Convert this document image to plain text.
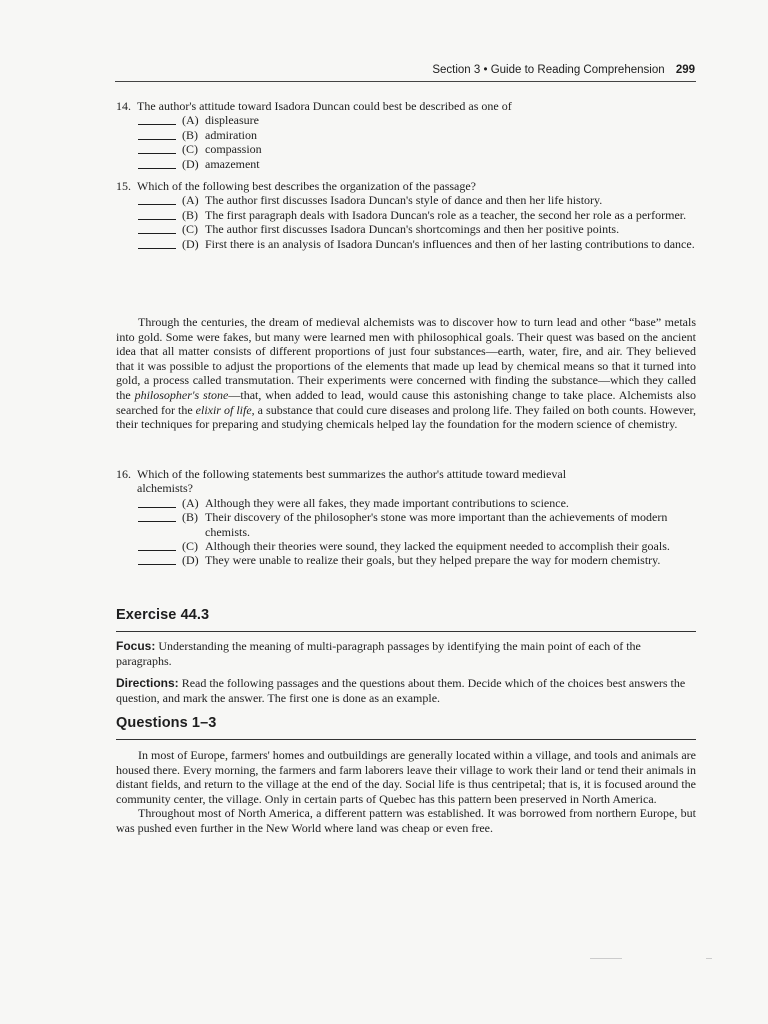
Section 3 • Guide to Reading Comprehension 299
14. The author's attitude toward Isadora Duncan could best be described as one of
(A) displeasure
(B) admiration
(C) compassion
(D) amazement
15. Which of the following best describes the organization of the passage?
(A) The author first discusses Isadora Duncan's style of dance and then her life history.
(B) The first paragraph deals with Isadora Duncan's role as a teacher, the second her role as a performer.
(C) The author first discusses Isadora Duncan's shortcomings and then her positive points.
(D) First there is an analysis of Isadora Duncan's influences and then of her lasting contributions to dance.

Through the centuries, the dream of medieval alchemists was to discover how to turn lead and other “base” metals into gold. Some were fakes, but many were learned men with philosophical goals. Their quest was based on the ancient idea that all matter consists of different proportions of just four substances—earth, water, fire, and air. They believed that it was possible to adjust the proportions of the elements that made up lead by chemical means so that it turned into gold, a process called transmutation. Their experiments were concerned with finding the substance—which they called the philosopher's stone—that, when added to lead, would cause this astonishing change to take place. Alchemists also searched for the elixir of life, a substance that could cure diseases and prolong life. They failed on both counts. However, their techniques for preparing and studying chemicals helped lay the foundation for the modern science of chemistry.

16. Which of the following statements best summarizes the author's attitude toward medieval
alchemists?
(A) Although they were all fakes, they made important contributions to science.
(B) Their discovery of the philosopher's stone was more important than the achievements of modern chemists.
(C) Although their theories were sound, they lacked the equipment needed to accomplish their goals.
(D) They were unable to realize their goals, but they helped prepare the way for modern chemistry.
Exercise 44.3
Focus: Understanding the meaning of multi-paragraph passages by identifying the main point of each of the paragraphs.
Directions: Read the following passages and the questions about them. Decide which of the choices best answers the question, and mark the answer. The first one is done as an example.
Questions 1–3

In most of Europe, farmers' homes and outbuildings are generally located within a village, and tools and animals are housed there. Every morning, the farmers and farm laborers leave their village to work their land or tend their animals in distant fields, and return to the village at the end of the day. Social life is thus centripetal; that is, it is focused around the community center, the village. Only in certain parts of Quebec has this pattern been preserved in North America.

Throughout most of North America, a different pattern was established. It was borrowed from northern Europe, but was pushed even further in the New World where land was cheap or even free.
